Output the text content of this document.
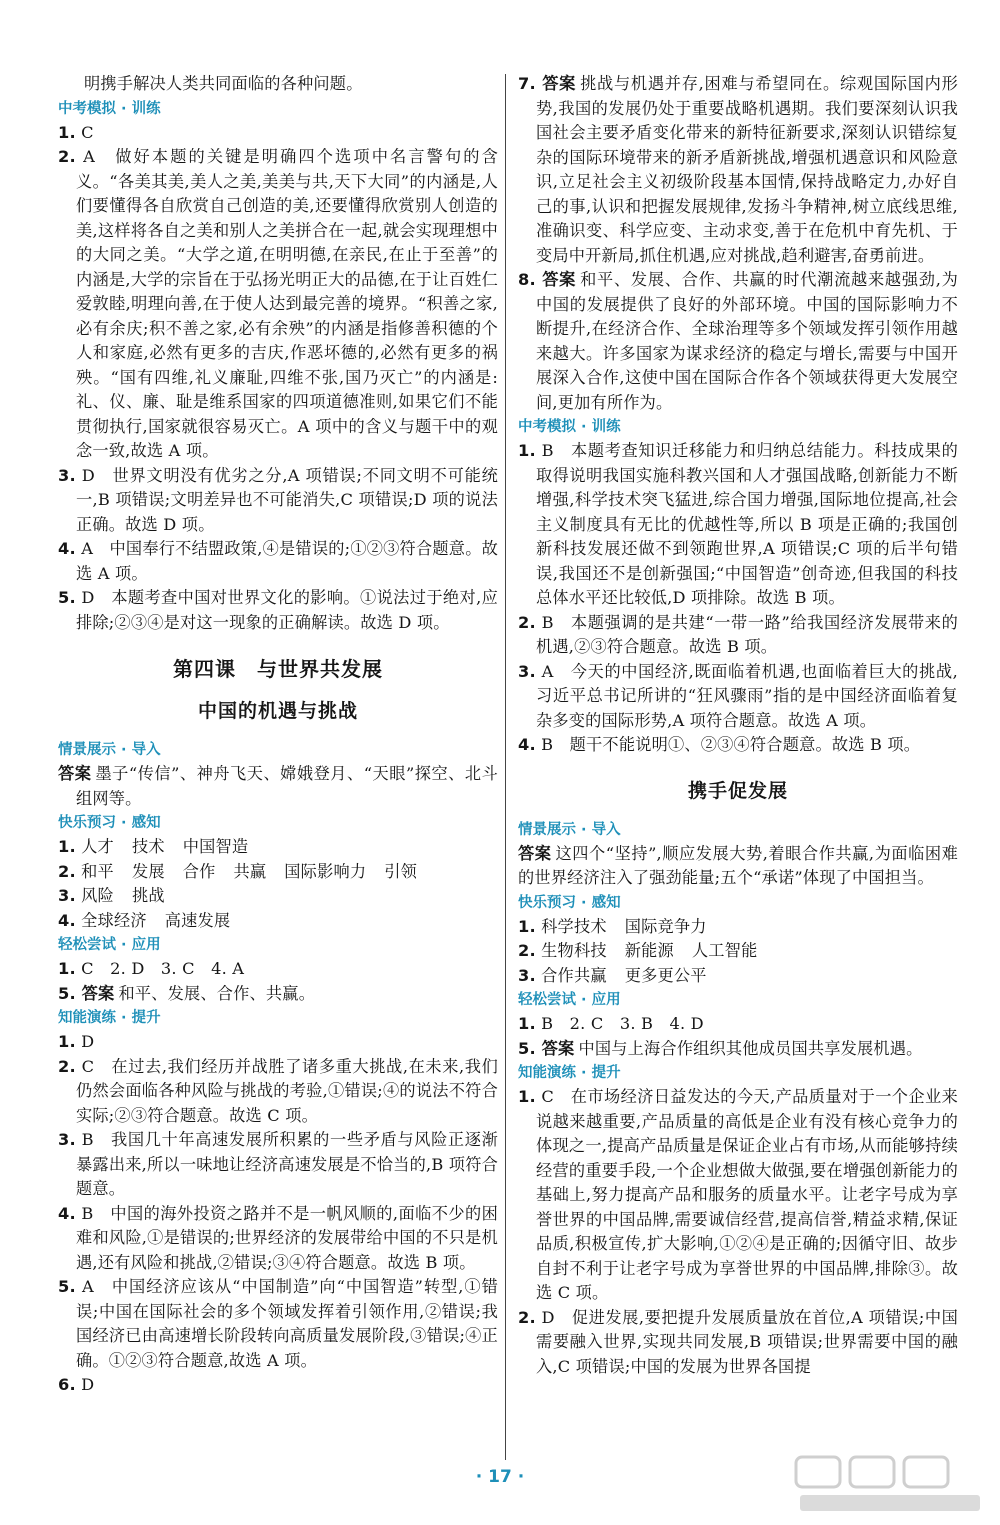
明携手解决人类共同面临的各种问题。

中考模拟 · 训练

1. C

2. A　做好本题的关键是明确四个选项中名言警句的含义。“各美其美,美人之美,美美与共,天下大同”的内涵是,人们要懂得各自欣赏自己创造的美,还要懂得欣赏别人创造的美,这样将各自之美和别人之美拼合在一起,就会实现理想中的大同之美。“大学之道,在明明德,在亲民,在止于至善”的内涵是,大学的宗旨在于弘扬光明正大的品德,在于让百姓仁爱敦睦,明理向善,在于使人达到最完善的境界。“积善之家,必有余庆;积不善之家,必有余殃”的内涵是指修善积德的个人和家庭,必然有更多的吉庆,作恶坏德的,必然有更多的祸殃。“国有四维,礼义廉耻,四维不张,国乃灭亡”的内涵是:礼、仪、廉、耻是维系国家的四项道德准则,如果它们不能贯彻执行,国家就很容易灭亡。A 项中的含义与题干中的观念一致,故选 A 项。

3. D　世界文明没有优劣之分,A 项错误;不同文明不可能统一,B 项错误;文明差异也不可能消失,C 项错误;D 项的说法正确。故选 D 项。

4. A　中国奉行不结盟政策,④是错误的;①②③符合题意。故选 A 项。

5. D　本题考查中国对世界文化的影响。①说法过于绝对,应排除;②③④是对这一现象的正确解读。故选 D 项。

第四课　与世界共发展
中国的机遇与挑战
情景展示 · 导入

答案 墨子“传信”、神舟飞天、嫦娥登月、“天眼”探空、北斗组网等。

快乐预习 · 感知

1. 人才 技术 中国智造

2. 和平 发展 合作 共赢 国际影响力 引领

3. 风险 挑战

4. 全球经济 高速发展

轻松尝试 · 应用

1. C　2. D　3. C　4. A

5. 答案 和平、发展、合作、共赢。

知能演练 · 提升

1. D

2. C　在过去,我们经历并战胜了诸多重大挑战,在未来,我们仍然会面临各种风险与挑战的考验,①错误;④的说法不符合实际;②③符合题意。故选 C 项。

3. B　我国几十年高速发展所积累的一些矛盾与风险正逐渐暴露出来,所以一味地让经济高速发展是不恰当的,B 项符合题意。

4. B　中国的海外投资之路并不是一帆风顺的,面临不少的困难和风险,①是错误的;世界经济的发展带给中国的不只是机遇,还有风险和挑战,②错误;③④符合题意。故选 B 项。

5. A　中国经济应该从“中国制造”向“中国智造”转型,①错误;中国在国际社会的多个领域发挥着引领作用,②错误;我国经济已由高速增长阶段转向高质量发展阶段,③错误;④正确。①②③符合题意,故选 A 项。

6. D

7. 答案 挑战与机遇并存,困难与希望同在。综观国际国内形势,我国的发展仍处于重要战略机遇期。我们要深刻认识我国社会主要矛盾变化带来的新特征新要求,深刻认识错综复杂的国际环境带来的新矛盾新挑战,增强机遇意识和风险意识,立足社会主义初级阶段基本国情,保持战略定力,办好自己的事,认识和把握发展规律,发扬斗争精神,树立底线思维,准确识变、科学应变、主动求变,善于在危机中育先机、于变局中开新局,抓住机遇,应对挑战,趋利避害,奋勇前进。

8. 答案 和平、发展、合作、共赢的时代潮流越来越强劲,为中国的发展提供了良好的外部环境。中国的国际影响力不断提升,在经济合作、全球治理等多个领域发挥引领作用越来越大。许多国家为谋求经济的稳定与增长,需要与中国开展深入合作,这使中国在国际合作各个领域获得更大发展空间,更加有所作为。

中考模拟 · 训练

1. B　本题考查知识迁移能力和归纳总结能力。科技成果的取得说明我国实施科教兴国和人才强国战略,创新能力不断增强,科学技术突飞猛进,综合国力增强,国际地位提高,社会主义制度具有无比的优越性等,所以 B 项是正确的;我国创新科技发展还做不到领跑世界,A 项错误;C 项的后半句错误,我国还不是创新强国;“中国智造”创奇迹,但我国的科技总体水平还比较低,D 项排除。故选 B 项。

2. B　本题强调的是共建“一带一路”给我国经济发展带来的机遇,②③符合题意。故选 B 项。

3. A　今天的中国经济,既面临着机遇,也面临着巨大的挑战,习近平总书记所讲的“狂风骤雨”指的是中国经济面临着复杂多变的国际形势,A 项符合题意。故选 A 项。

4. B　题干不能说明①、②③④符合题意。故选 B 项。

携手促发展
情景展示 · 导入

答案 这四个“坚持”,顺应发展大势,着眼合作共赢,为面临困难的世界经济注入了强劲能量;五个“承诺”体现了中国担当。

快乐预习 · 感知

1. 科学技术 国际竞争力

2. 生物科技 新能源 人工智能

3. 合作共赢 更多更公平

轻松尝试 · 应用

1. B　2. C　3. B　4. D

5. 答案 中国与上海合作组织其他成员国共享发展机遇。

知能演练 · 提升

1. C　在市场经济日益发达的今天,产品质量对于一个企业来说越来越重要,产品质量的高低是企业有没有核心竞争力的体现之一,提高产品质量是保证企业占有市场,从而能够持续经营的重要手段,一个企业想做大做强,要在增强创新能力的基础上,努力提高产品和服务的质量水平。让老字号成为享誉世界的中国品牌,需要诚信经营,提高信誉,精益求精,保证品质,积极宣传,扩大影响,①②④是正确的;因循守旧、故步自封不利于让老字号成为享誉世界的中国品牌,排除③。故选 C 项。

2. D　促进发展,要把提升发展质量放在首位,A 项错误;中国需要融入世界,实现共同发展,B 项错误;世界需要中国的融入,C 项错误;中国的发展为世界各国提

· 17 ·
